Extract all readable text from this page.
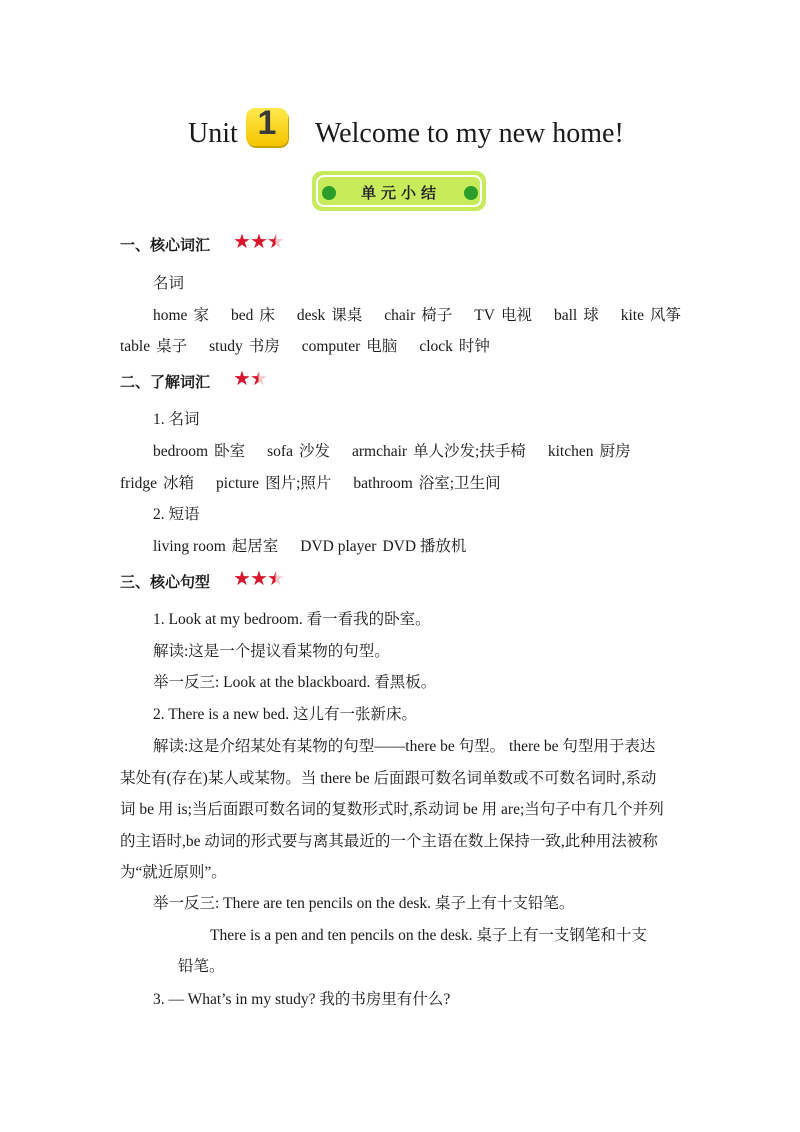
Unit 1	Welcome to my new home!
单元小结
一、核心词汇 ★★★
名词
home 家 bed 床 desk 课桌 chair 椅子 TV 电视 ball 球 kite 风筝
table 桌子 study 书房 computer 电脑 clock 时钟
二、了解词汇 ★★
1. 名词
bedroom 卧室 sofa 沙发 armchair 单人沙发;扶手椅 kitchen 厨房
fridge 冰箱 picture 图片;照片 bathroom 浴室;卫生间
2. 短语
living room 起居室 DVD player DVD 播放机
三、核心句型 ★★★
1. Look at my bedroom. 看一看我的卧室。
解读:这是一个提议看某物的句型。
举一反三: Look at the blackboard. 看黑板。
2. There is a new bed. 这儿有一张新床。
解读:这是介绍某处有某物的句型——there be 句型。 there be 句型用于表达
某处有(存在)某人或某物。当 there be 后面跟可数名词单数或不可数名词时,系动
词 be 用 is;当后面跟可数名词的复数形式时,系动词 be 用 are;当句子中有几个并列
的主语时,be 动词的形式要与离其最近的一个主语在数上保持一致,此种用法被称
为“就近原则”。
举一反三: There are ten pencils on the desk. 桌子上有十支铅笔。
There is a pen and ten pencils on the desk. 桌子上有一支钢笔和十支
铅笔。
3. — What’s in my study? 我的书房里有什么?
